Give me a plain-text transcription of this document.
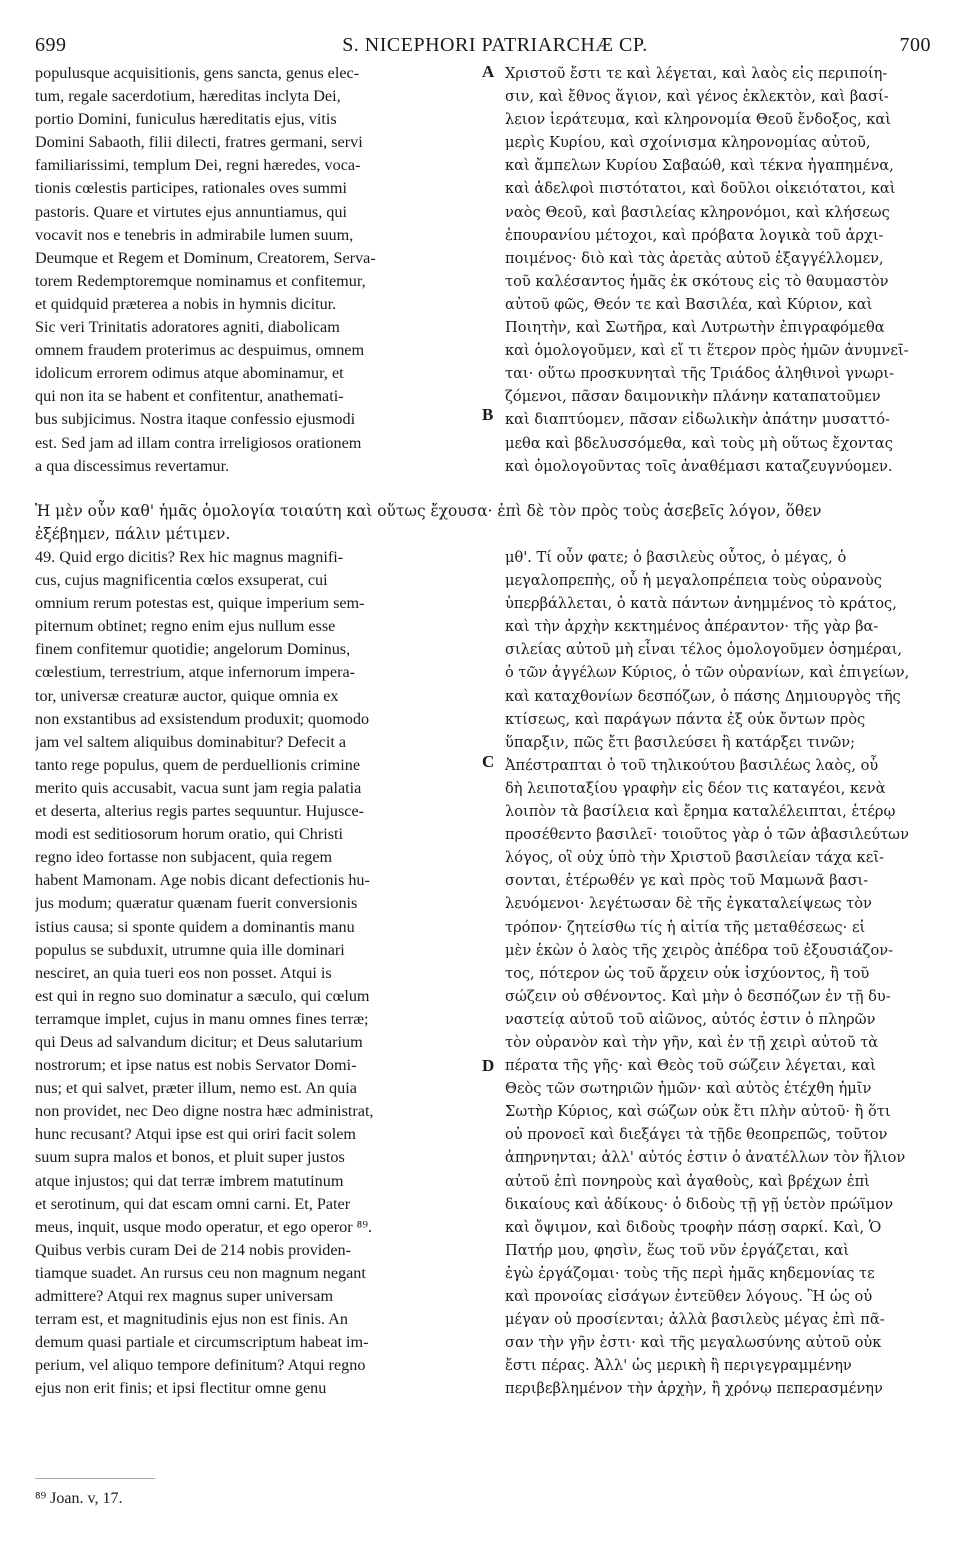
699	S. NICEPHORI PATRIARCHÆ CP.	700
populusque acquisitionis, gens sancta, genus elec-
tum, regale sacerdotium, hæreditas inclyta Dei,
portio Domini, funiculus hæreditatis ejus, vitis
Domini Sabaoth, filii dilecti, fratres germani, servi
familiarissimi, templum Dei, regni hæredes, voca-
tionis cœlestis participes, rationales oves summi
pastoris. Quare et virtutes ejus annuntiamus, qui
vocavit nos e tenebris in admirabile lumen suum,
Deumque et Regem et Dominum, Creatorem, Serva-
torem Redemptoremque nominamus et confitemur,
et quidquid præterea a nobis in hymnis dicitur.
Sic veri Trinitatis adoratores agniti, diabolicam
omnem fraudem proterimus ac despuimus, omnem
idolicum errorem odimus atque abominamur, et
qui non ita se habent et confitentur, anathemati-
bus subjicimus. Nostra itaque confessio ejusmodi
est. Sed jam ad illam contra irreligiosos orationem
a qua discessimus revertamur.
Χριστοῦ ἔστι τε καὶ λέγεται, καὶ λαὸς εἰς περιποίη-
σιν, καὶ ἔθνος ἅγιον, καὶ γένος ἐκλεκτὸν, καὶ βασί-
λειον ἱεράτευμα, καὶ κληρονομία Θεοῦ ἔνδοξος, καὶ
μερὶς Κυρίου, καὶ σχοίνισμα κληρονομίας αὐτοῦ,
καὶ ἄμπελων Κυρίου Σαβαώθ, καὶ τέκνα ἠγαπημένα,
καὶ ἀδελφοὶ πιστότατοι, καὶ δοῦλοι οἰκειότατοι, καὶ
ναὸς Θεοῦ, καὶ βασιλείας κληρονόμοι, καὶ κλήσεως
ἐπουρανίου μέτοχοι, καὶ πρόβατα λογικὰ τοῦ ἀρχι-
ποιμένος· διὸ καὶ τὰς ἀρετὰς αὐτοῦ ἐξαγγέλλομεν,
τοῦ καλέσαντος ἡμᾶς ἐκ σκότους εἰς τὸ θαυμαστὸν
αὐτοῦ φῶς, Θεόν τε καὶ Βασιλέα, καὶ Κύριον, καὶ
Ποιητὴν, καὶ Σωτῆρα, καὶ Λυτρωτὴν ἐπιγραφόμεθα
καὶ ὁμολογοῦμεν, καὶ εἴ τι ἕτερον πρὸς ἡμῶν ἀνυμνεῖ-
ται· οὕτω προσκυνηταὶ τῆς Τριάδος ἀληθινοὶ γνωρι-
ζόμενοι, πᾶσαν δαιμονικὴν πλάνην καταπατοῦμεν
καὶ διαπτύομεν, πᾶσαν εἰδωλικὴν ἀπάτην μυσαττό-
μεθα καὶ βδελυσσόμεθα, καὶ τοὺς μὴ οὕτως ἔχοντας
καὶ ὁμολογοῦντας τοῖς ἀναθέμασι καταζευγνύομεν.
A
B
C
D
Ἡ μὲν οὖν καθ' ἡμᾶς ὁμολογία τοιαύτη καὶ οὕτως ἔχουσα· ἐπὶ δὲ τὸν πρὸς τοὺς ἀσεβεῖς λόγον, ὅθεν
ἐξέβημεν, πάλιν μέτιμεν.
49. Quid ergo dicitis? Rex hic magnus magnifi-
cus, cujus magnificentia cœlos exsuperat, cui
omnium rerum potestas est, quique imperium sem-
piternum obtinet; regno enim ejus nullum esse
finem confitemur quotidie; angelorum Dominus,
cœlestium, terrestrium, atque infernorum impera-
tor, universæ creaturæ auctor, quique omnia ex
non exstantibus ad exsistendum produxit; quomodo
jam vel saltem aliquibus dominabitur? Defecit a
tanto rege populus, quem de perduellionis crimine
merito quis accusabit, vacua sunt jam regia palatia
et deserta, alterius regis partes sequuntur. Hujusce-
modi est seditiosorum horum oratio, qui Christi
regno ideo fortasse non subjacent, quia regem
habent Mamonam. Age nobis dicant defectionis hu-
jus modum; quæratur quænam fuerit conversionis
istius causa; si sponte quidem a dominantis manu
populus se subduxit, utrumne quia ille dominari
nesciret, an quia tueri eos non posset. Atqui is
est qui in regno suo dominatur a sæculo, qui cœlum
terramque implet, cujus in manu omnes fines terræ;
qui Deus ad salvandum dicitur; et Deus salutarium
nostrorum; et ipse natus est nobis Servator Domi-
nus; et qui salvet, præter illum, nemo est. An quia
non providet, nec Deo digne nostra hæc administrat,
hunc recusant? Atqui ipse est qui oriri facit solem
suum supra malos et bonos, et pluit super justos
atque injustos; qui dat terræ imbrem matutinum
et serotinum, qui dat escam omni carni. Et, Pater
meus, inquit, usque modo operatur, et ego operor ⁸⁹.
Quibus verbis curam Dei de 214 nobis providen-
tiamque suadet. An rursus ceu non magnum negant
admittere? Atqui rex magnus super universam
terram est, et magnitudinis ejus non est finis. An
demum quasi partiale et circumscriptum habeat im-
perium, vel aliquo tempore definitum? Atqui regno
ejus non erit finis; et ipsi flectitur omne genu
μθ'. Τί οὖν φατε; ὁ βασιλεὺς οὗτος, ὁ μέγας, ὁ
μεγαλοπρεπὴς, οὗ ἡ μεγαλοπρέπεια τοὺς οὐρανοὺς
ὑπερβάλλεται, ὁ κατὰ πάντων ἀνημμένος τὸ κράτος,
καὶ τὴν ἀρχὴν κεκτημένος ἀπέραντον· τῆς γὰρ βα-
σιλείας αὐτοῦ μὴ εἶναι τέλος ὁμολογοῦμεν ὁσημέραι,
ὁ τῶν ἀγγέλων Κύριος, ὁ τῶν οὐρανίων, καὶ ἐπιγείων,
καὶ καταχθονίων δεσπόζων, ὁ πάσης Δημιουργὸς τῆς
κτίσεως, καὶ παράγων πάντα ἐξ οὐκ ὄντων πρὸς
ὕπαρξιν, πῶς ἔτι βασιλεύσει ἢ κατάρξει τινῶν;
Ἀπέστραπται ὁ τοῦ τηλικούτου βασιλέως λαὸς, οὗ
δὴ λειποταξίου γραφὴν εἰς δέον τις καταγέοι, κενὰ
λοιπὸν τὰ βασίλεια καὶ ἔρημα καταλέλειπται, ἑτέρῳ
προσέθεντο βασιλεῖ· τοιοῦτος γὰρ ὁ τῶν ἀβασιλεύτων
λόγος, οἳ οὐχ ὑπὸ τὴν Χριστοῦ βασιλείαν τάχα κεῖ-
σονται, ἑτέρωθέν γε καὶ πρὸς τοῦ Μαμωνᾶ βασι-
λευόμενοι· λεγέτωσαν δὲ τῆς ἐγκαταλείψεως τὸν
τρόπον· ζητείσθω τίς ἡ αἰτία τῆς μεταθέσεως· εἰ
μὲν ἑκὼν ὁ λαὸς τῆς χειρὸς ἀπέδρα τοῦ ἐξουσιάζον-
τος, πότερον ὡς τοῦ ἄρχειν οὐκ ἰσχύοντος, ἢ τοῦ
σώζειν οὐ σθένοντος. Καὶ μὴν ὁ δεσπόζων ἐν τῇ δυ-
ναστείᾳ αὐτοῦ τοῦ αἰῶνος, αὐτός ἐστιν ὁ πληρῶν
τὸν οὐρανὸν καὶ τὴν γῆν, καὶ ἐν τῇ χειρὶ αὐτοῦ τὰ
πέρατα τῆς γῆς· καὶ Θεὸς τοῦ σώζειν λέγεται, καὶ
Θεὸς τῶν σωτηριῶν ἡμῶν· καὶ αὐτὸς ἐτέχθη ἡμῖν
Σωτὴρ Κύριος, καὶ σώζων οὐκ ἔτι πλὴν αὐτοῦ· ἢ ὅτι
οὐ προνοεῖ καὶ διεξάγει τὰ τῇδε θεοπρεπῶς, τοῦτον
ἀπηρνηνται; ἀλλ' αὐτός ἐστιν ὁ ἀνατέλλων τὸν ἥλιον
αὐτοῦ ἐπὶ πονηροὺς καὶ ἀγαθοὺς, καὶ βρέχων ἐπὶ
δικαίους καὶ ἀδίκους· ὁ διδοὺς τῇ γῇ ὑετὸν πρώϊμον
καὶ ὄψιμον, καὶ διδοὺς τροφὴν πάσῃ σαρκί. Καὶ, Ὁ
Πατήρ μου, φησὶν, ἕως τοῦ νῦν ἐργάζεται, καὶ
ἐγὼ ἐργάζομαι· τοὺς τῆς περὶ ἡμᾶς κηδεμονίας τε
καὶ προνοίας εἰσάγων ἐντεῦθεν λόγους. Ἢ ὡς οὐ
μέγαν οὐ προσίενται; ἀλλὰ βασιλεὺς μέγας ἐπὶ πᾶ-
σαν τὴν γῆν ἐστι· καὶ τῆς μεγαλωσύνης αὐτοῦ οὐκ
ἔστι πέρας. Ἀλλ' ὡς μερικὴ ἢ περιγεγραμμένην
περιβεβλημένον τὴν ἀρχὴν, ἢ χρόνῳ πεπερασμένην
⁸⁹ Joan. v, 17.
